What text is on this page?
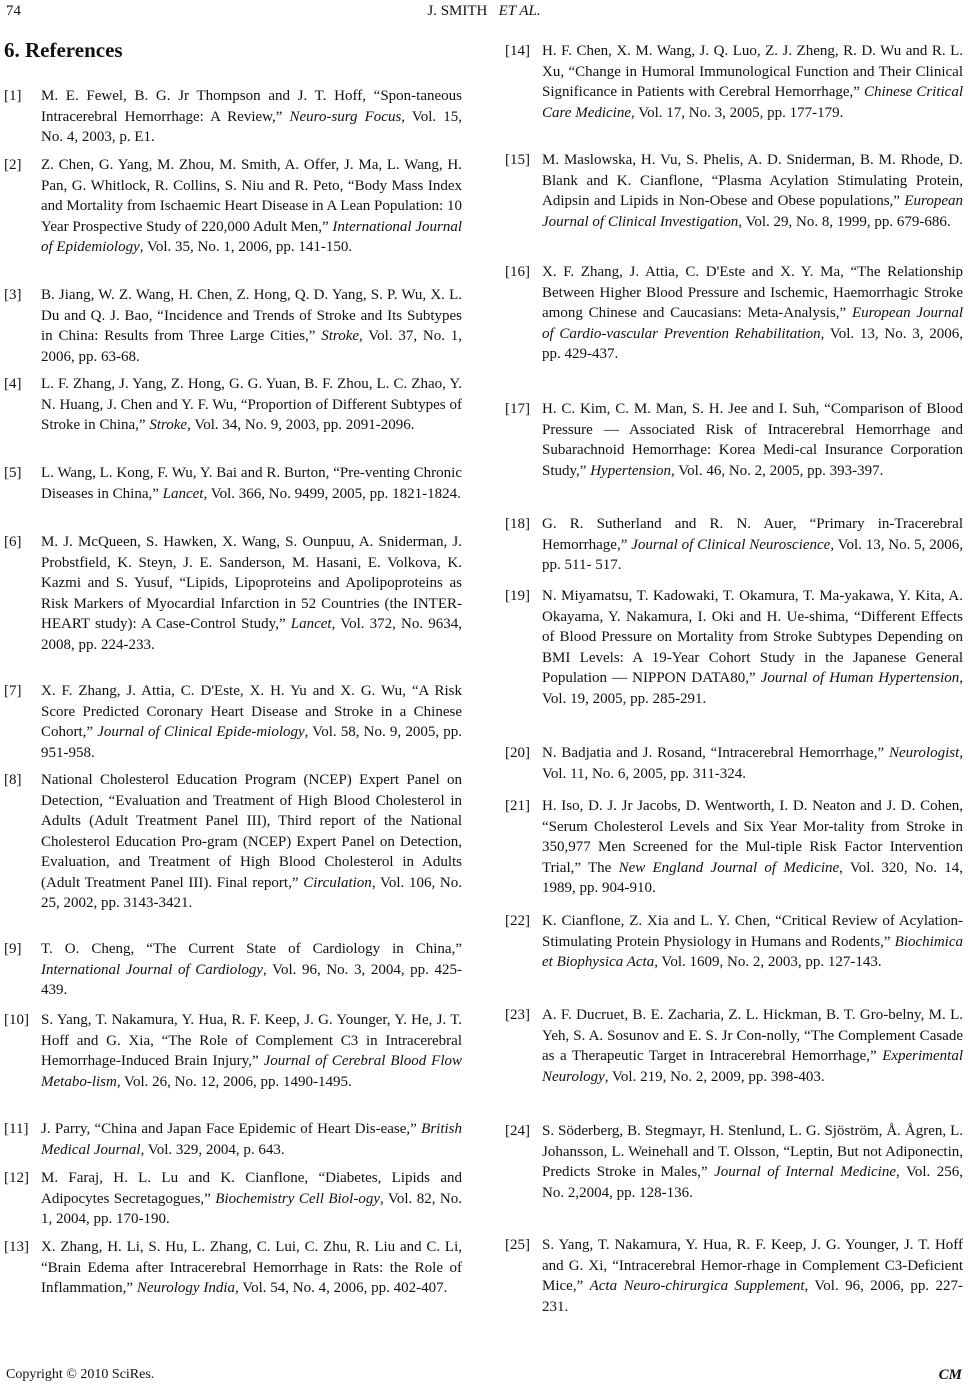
74	J. SMITH ET AL.
6. References
[1] M. E. Fewel, B. G. Jr Thompson and J. T. Hoff, “Spon-taneous Intracerebral Hemorrhage: A Review,” Neuro-surg Focus, Vol. 15, No. 4, 2003, p. E1.
[2] Z. Chen, G. Yang, M. Zhou, M. Smith, A. Offer, J. Ma, L. Wang, H. Pan, G. Whitlock, R. Collins, S. Niu and R. Peto, “Body Mass Index and Mortality from Ischaemic Heart Disease in A Lean Population: 10 Year Prospective Study of 220,000 Adult Men,” International Journal of Epidemiology, Vol. 35, No. 1, 2006, pp. 141-150.
[3] B. Jiang, W. Z. Wang, H. Chen, Z. Hong, Q. D. Yang, S. P. Wu, X. L. Du and Q. J. Bao, “Incidence and Trends of Stroke and Its Subtypes in China: Results from Three Large Cities,” Stroke, Vol. 37, No. 1, 2006, pp. 63-68.
[4] L. F. Zhang, J. Yang, Z. Hong, G. G. Yuan, B. F. Zhou, L. C. Zhao, Y. N. Huang, J. Chen and Y. F. Wu, “Proportion of Different Subtypes of Stroke in China,” Stroke, Vol. 34, No. 9, 2003, pp. 2091-2096.
[5] L. Wang, L. Kong, F. Wu, Y. Bai and R. Burton, “Pre-venting Chronic Diseases in China,” Lancet, Vol. 366, No. 9499, 2005, pp. 1821-1824.
[6] M. J. McQueen, S. Hawken, X. Wang, S. Ounpuu, A. Sniderman, J. Probstfield, K. Steyn, J. E. Sanderson, M. Hasani, E. Volkova, K. Kazmi and S. Yusuf, “Lipids, Lipoproteins and Apolipoproteins as Risk Markers of Myocardial Infarction in 52 Countries (the INTER-HEART study): A Case-Control Study,” Lancet, Vol. 372, No. 9634, 2008, pp. 224-233.
[7] X. F. Zhang, J. Attia, C. D'Este, X. H. Yu and X. G. Wu, “A Risk Score Predicted Coronary Heart Disease and Stroke in a Chinese Cohort,” Journal of Clinical Epide-miology, Vol. 58, No. 9, 2005, pp. 951-958.
[8] National Cholesterol Education Program (NCEP) Expert Panel on Detection, “Evaluation and Treatment of High Blood Cholesterol in Adults (Adult Treatment Panel III), Third report of the National Cholesterol Education Pro-gram (NCEP) Expert Panel on Detection, Evaluation, and Treatment of High Blood Cholesterol in Adults (Adult Treatment Panel III). Final report,” Circulation, Vol. 106, No. 25, 2002, pp. 3143-3421.
[9] T. O. Cheng, “The Current State of Cardiology in China,” International Journal of Cardiology, Vol. 96, No. 3, 2004, pp. 425-439.
[10] S. Yang, T. Nakamura, Y. Hua, R. F. Keep, J. G. Younger, Y. He, J. T. Hoff and G. Xia, “The Role of Complement C3 in Intracerebral Hemorrhage-Induced Brain Injury,” Journal of Cerebral Blood Flow Metabo-lism, Vol. 26, No. 12, 2006, pp. 1490-1495.
[11] J. Parry, “China and Japan Face Epidemic of Heart Dis-ease,” British Medical Journal, Vol. 329, 2004, p. 643.
[12] M. Faraj, H. L. Lu and K. Cianflone, “Diabetes, Lipids and Adipocytes Secretagogues,” Biochemistry Cell Biol-ogy, Vol. 82, No. 1, 2004, pp. 170-190.
[13] X. Zhang, H. Li, S. Hu, L. Zhang, C. Lui, C. Zhu, R. Liu and C. Li, “Brain Edema after Intracerebral Hemorrhage in Rats: the Role of Inflammation,” Neurology India, Vol. 54, No. 4, 2006, pp. 402-407.
[14] H. F. Chen, X. M. Wang, J. Q. Luo, Z. J. Zheng, R. D. Wu and R. L. Xu, “Change in Humoral Immunological Function and Their Clinical Significance in Patients with Cerebral Hemorrhage,” Chinese Critical Care Medicine, Vol. 17, No. 3, 2005, pp. 177-179.
[15] M. Maslowska, H. Vu, S. Phelis, A. D. Sniderman, B. M. Rhode, D. Blank and K. Cianflone, “Plasma Acylation Stimulating Protein, Adipsin and Lipids in Non-Obese and Obese populations,” European Journal of Clinical Investigation, Vol. 29, No. 8, 1999, pp. 679-686.
[16] X. F. Zhang, J. Attia, C. D'Este and X. Y. Ma, “The Relationship Between Higher Blood Pressure and Ischemic, Haemorrhagic Stroke among Chinese and Caucasians: Meta-Analysis,” European Journal of Cardio-vascular Prevention Rehabilitation, Vol. 13, No. 3, 2006, pp. 429-437.
[17] H. C. Kim, C. M. Man, S. H. Jee and I. Suh, “Comparison of Blood Pressure — Associated Risk of Intracerebral Hemorrhage and Subarachnoid Hemorrhage: Korea Medi-cal Insurance Corporation Study,” Hypertension, Vol. 46, No. 2, 2005, pp. 393-397.
[18] G. R. Sutherland and R. N. Auer, “Primary in-Tracerebral Hemorrhage,” Journal of Clinical Neuroscience, Vol. 13, No. 5, 2006, pp. 511- 517.
[19] N. Miyamatsu, T. Kadowaki, T. Okamura, T. Ma-yakawa, Y. Kita, A. Okayama, Y. Nakamura, I. Oki and H. Ue-shima, “Different Effects of Blood Pressure on Mortality from Stroke Subtypes Depending on BMI Levels: A 19-Year Cohort Study in the Japanese General Population — NIPPON DATA80,” Journal of Human Hypertension, Vol. 19, 2005, pp. 285-291.
[20] N. Badjatia and J. Rosand, “Intracerebral Hemorrhage,” Neurologist, Vol. 11, No. 6, 2005, pp. 311-324.
[21] H. Iso, D. J. Jr Jacobs, D. Wentworth, I. D. Neaton and J. D. Cohen, “Serum Cholesterol Levels and Six Year Mor-tality from Stroke in 350,977 Men Screened for the Mul-tiple Risk Factor Intervention Trial,” The New England Journal of Medicine, Vol. 320, No. 14, 1989, pp. 904-910.
[22] K. Cianflone, Z. Xia and L. Y. Chen, “Critical Review of Acylation-Stimulating Protein Physiology in Humans and Rodents,” Biochimica et Biophysica Acta, Vol. 1609, No. 2, 2003, pp. 127-143.
[23] A. F. Ducruet, B. E. Zacharia, Z. L. Hickman, B. T. Gro-belny, M. L. Yeh, S. A. Sosunov and E. S. Jr Con-nolly, “The Complement Casade as a Therapeutic Target in Intracerebral Hemorrhage,” Experimental Neurology, Vol. 219, No. 2, 2009, pp. 398-403.
[24] S. Söderberg, B. Stegmayr, H. Stenlund, L. G. Sjöström, Å. Ågren, L. Johansson, L. Weinehall and T. Olsson, “Leptin, But not Adiponectin, Predicts Stroke in Males,” Journal of Internal Medicine, Vol. 256, No. 2,2004, pp. 128-136.
[25] S. Yang, T. Nakamura, Y. Hua, R. F. Keep, J. G. Younger, J. T. Hoff and G. Xi, “Intracerebral Hemor-rhage in Complement C3-Deficient Mice,” Acta Neuro-chirurgica Supplement, Vol. 96, 2006, pp. 227-231.
Copyright © 2010 SciRes.	CM
